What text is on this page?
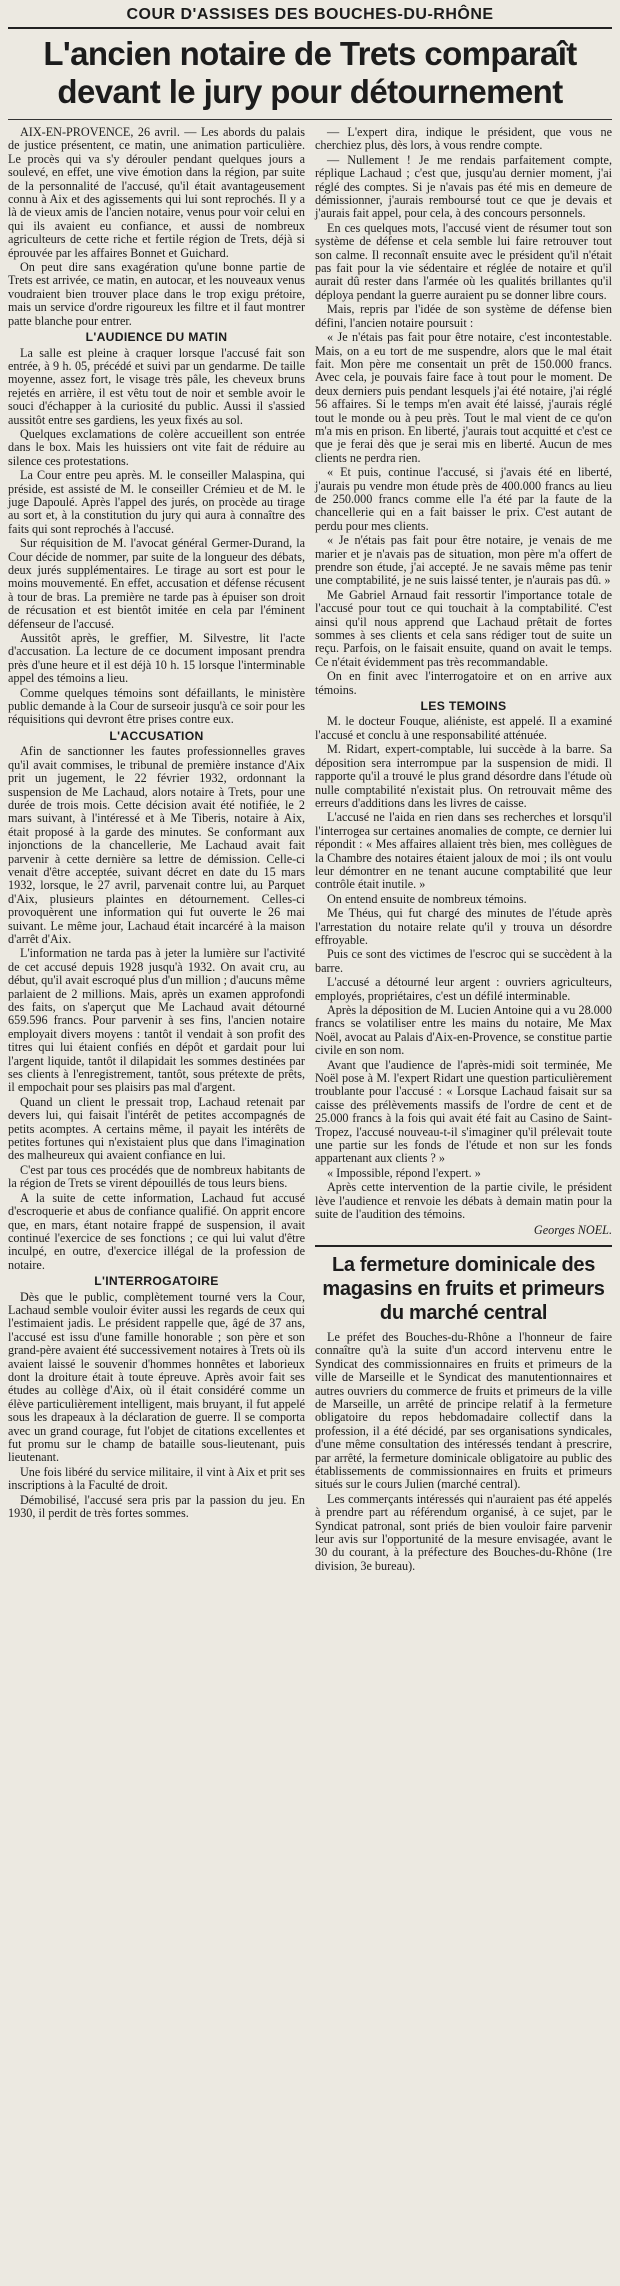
COUR D'ASSISES DES BOUCHES-DU-RHÔNE
L'ancien notaire de Trets comparaît devant le jury pour détournement

AIX-EN-PROVENCE, 26 avril. — Les abords du palais de justice présentent, ce matin, une animation particulière. Le procès qui va s'y dérouler pendant quelques jours a soulevé, en effet, une vive émotion dans la région, par suite de la personnalité de l'accusé, qu'il était avantageusement connu à Aix et des agissements qui lui sont reprochés. Il y a là de vieux amis de l'ancien notaire, venus pour voir celui en qui ils avaient eu confiance, et aussi de nombreux agriculteurs de cette riche et fertile région de Trets, déjà si éprouvée par les affaires Bonnet et Guichard.

On peut dire sans exagération qu'une bonne partie de Trets est arrivée, ce matin, en autocar, et les nouveaux venus voudraient bien trouver place dans le trop exigu prétoire, mais un service d'ordre rigoureux les filtre et il faut montrer patte blanche pour entrer.

L'AUDIENCE DU MATIN

La salle est pleine à craquer lorsque l'accusé fait son entrée, à 9 h. 05, précédé et suivi par un gendarme. De taille moyenne, assez fort, le visage très pâle, les cheveux bruns rejetés en arrière, il est vêtu tout de noir et semble avoir le souci d'échapper à la curiosité du public. Aussi il s'assied aussitôt entre ses gardiens, les yeux fixés au sol.

Quelques exclamations de colère accueillent son entrée dans le box. Mais les huissiers ont vite fait de réduire au silence ces protestations.

La Cour entre peu après. M. le conseiller Malaspina, qui préside, est assisté de M. le conseiller Crémieu et de M. le juge Dapoulé. Après l'appel des jurés, on procède au tirage au sort et, à la constitution du jury qui aura à connaître des faits qui sont reprochés à l'accusé.

Sur réquisition de M. l'avocat général Germer-Durand, la Cour décide de nommer, par suite de la longueur des débats, deux jurés supplémentaires. Le tirage au sort est pour le moins mouvementé. En effet, accusation et défense récusent à tour de bras. La première ne tarde pas à épuiser son droit de récusation et est bientôt imitée en cela par l'éminent défenseur de l'accusé.

Aussitôt après, le greffier, M. Silvestre, lit l'acte d'accusation. La lecture de ce document imposant prendra près d'une heure et il est déjà 10 h. 15 lorsque l'interminable appel des témoins a lieu.

Comme quelques témoins sont défaillants, le ministère public demande à la Cour de surseoir jusqu'à ce soir pour les réquisitions qui devront être prises contre eux.

L'ACCUSATION

Afin de sanctionner les fautes professionnelles graves qu'il avait commises, le tribunal de première instance d'Aix prit un jugement, le 22 février 1932, ordonnant la suspension de Me Lachaud, alors notaire à Trets, pour une durée de trois mois. Cette décision avait été notifiée, le 2 mars suivant, à l'intéressé et à Me Tiberis, notaire à Aix, était proposé à la garde des minutes. Se conformant aux injonctions de la chancellerie, Me Lachaud avait fait parvenir à cette dernière sa lettre de démission. Celle-ci venait d'être acceptée, suivant décret en date du 15 mars 1932, lorsque, le 27 avril, parvenait contre lui, au Parquet d'Aix, plusieurs plaintes en détournement. Celles-ci provoquèrent une information qui fut ouverte le 26 mai suivant. Le même jour, Lachaud était incarcéré à la maison d'arrêt d'Aix.

L'information ne tarda pas à jeter la lumière sur l'activité de cet accusé depuis 1928 jusqu'à 1932. On avait cru, au début, qu'il avait escroqué plus d'un million ; d'aucuns même parlaient de 2 millions. Mais, après un examen approfondi des faits, on s'aperçut que Me Lachaud avait détourné 659.596 francs. Pour parvenir à ses fins, l'ancien notaire employait divers moyens : tantôt il vendait à son profit des titres qui lui étaient confiés en dépôt et gardait pour lui l'argent liquide, tantôt il dilapidait les sommes destinées par ses clients à l'enregistrement, tantôt, sous prétexte de prêts, il empochait pour ses plaisirs pas mal d'argent.

Quand un client le pressait trop, Lachaud retenait par devers lui, qui faisait l'intérêt de petites accompagnés de petits acomptes. A certains même, il payait les intérêts de petites fortunes qui n'existaient plus que dans l'imagination des malheureux qui avaient confiance en lui.

C'est par tous ces procédés que de nombreux habitants de la région de Trets se virent dépouillés de tous leurs biens.

A la suite de cette information, Lachaud fut accusé d'escroquerie et abus de confiance qualifié. On apprit encore que, en mars, étant notaire frappé de suspension, il avait continué l'exercice de ses fonctions ; ce qui lui valut d'être inculpé, en outre, d'exercice illégal de la profession de notaire.

L'INTERROGATOIRE

Dès que le public, complètement tourné vers la Cour, Lachaud semble vouloir éviter aussi les regards de ceux qui l'estimaient jadis. Le président rappelle que, âgé de 37 ans, l'accusé est issu d'une famille honorable ; son père et son grand-père avaient été successivement notaires à Trets où ils avaient laissé le souvenir d'hommes honnêtes et laborieux dont la droiture était à toute épreuve. Après avoir fait ses études au collège d'Aix, où il était considéré comme un élève particulièrement intelligent, mais bruyant, il fut appelé sous les drapeaux à la déclaration de guerre. Il se comporta avec un grand courage, fut l'objet de citations excellentes et fut promu sur le champ de bataille sous-lieutenant, puis lieutenant.

Une fois libéré du service militaire, il vint à Aix et prit ses inscriptions à la Faculté de droit.

Démobilisé, l'accusé sera pris par la passion du jeu. En 1930, il perdit de très fortes sommes.

— L'expert dira, indique le président, que vous ne cherchiez plus, dès lors, à vous rendre compte.

— Nullement ! Je me rendais parfaitement compte, réplique Lachaud ; c'est que, jusqu'au dernier moment, j'ai réglé des comptes. Si je n'avais pas été mis en demeure de démissionner, j'aurais remboursé tout ce que je devais et j'aurais fait appel, pour cela, à des concours personnels.

En ces quelques mots, l'accusé vient de résumer tout son système de défense et cela semble lui faire retrouver tout son calme. Il reconnaît ensuite avec le président qu'il n'était pas fait pour la vie sédentaire et réglée de notaire et qu'il aurait dû rester dans l'armée où les qualités brillantes qu'il déploya pendant la guerre auraient pu se donner libre cours.

Mais, repris par l'idée de son système de défense bien défini, l'ancien notaire poursuit :

« Je n'étais pas fait pour être notaire, c'est incontestable. Mais, on a eu tort de me suspendre, alors que le mal était fait. Mon père me consentait un prêt de 150.000 francs. Avec cela, je pouvais faire face à tout pour le moment. De deux derniers puis pendant lesquels j'ai été notaire, j'ai réglé 56 affaires. Si le temps m'en avait été laissé, j'aurais réglé tout le monde ou à peu près. Tout le mal vient de ce qu'on m'a mis en prison. En liberté, j'aurais tout acquitté et c'est ce que je ferai dès que je serai mis en liberté. Aucun de mes clients ne perdra rien.

« Et puis, continue l'accusé, si j'avais été en liberté, j'aurais pu vendre mon étude près de 400.000 francs au lieu de 250.000 francs comme elle l'a été par la faute de la chancellerie qui en a fait baisser le prix. C'est autant de perdu pour mes clients.

« Je n'étais pas fait pour être notaire, je venais de me marier et je n'avais pas de situation, mon père m'a offert de prendre son étude, j'ai accepté. Je ne savais même pas tenir une comptabilité, je ne suis laissé tenter, je n'aurais pas dû. »

Me Gabriel Arnaud fait ressortir l'importance totale de l'accusé pour tout ce qui touchait à la comptabilité. C'est ainsi qu'il nous apprend que Lachaud prêtait de fortes sommes à ses clients et cela sans rédiger tout de suite un reçu. Parfois, on le faisait ensuite, quand on avait le temps. Ce n'était évidemment pas très recommandable.

On en finit avec l'interrogatoire et on en arrive aux témoins.

LES TEMOINS

M. le docteur Fouque, aliéniste, est appelé. Il a examiné l'accusé et conclu à une responsabilité atténuée.

M. Ridart, expert-comptable, lui succède à la barre. Sa déposition sera interrompue par la suspension de midi. Il rapporte qu'il a trouvé le plus grand désordre dans l'étude où nulle comptabilité n'existait plus. On retrouvait même des erreurs d'additions dans les livres de caisse.

L'accusé ne l'aida en rien dans ses recherches et lorsqu'il l'interrogea sur certaines anomalies de compte, ce dernier lui répondit : « Mes affaires allaient très bien, mes collègues de la Chambre des notaires étaient jaloux de moi ; ils ont voulu leur démontrer en ne tenant aucune comptabilité que leur contrôle était inutile. »

On entend ensuite de nombreux témoins.

Me Théus, qui fut chargé des minutes de l'étude après l'arrestation du notaire relate qu'il y trouva un désordre effroyable.

Puis ce sont des victimes de l'escroc qui se succèdent à la barre.

L'accusé a détourné leur argent : ouvriers agriculteurs, employés, propriétaires, c'est un défilé interminable.

Après la déposition de M. Lucien Antoine qui a vu 28.000 francs se volatiliser entre les mains du notaire, Me Max Noël, avocat au Palais d'Aix-en-Provence, se constitue partie civile en son nom.

Avant que l'audience de l'après-midi soit terminée, Me Noël pose à M. l'expert Ridart une question particulièrement troublante pour l'accusé : « Lorsque Lachaud faisait sur sa caisse des prélèvements massifs de l'ordre de cent et de 25.000 francs à la fois qui avait été fait au Casino de Saint-Tropez, l'accusé nouveau-t-il s'imaginer qu'il prélevait toute une partie sur les fonds de l'étude et non sur les fonds appartenant aux clients ? »

« Impossible, répond l'expert. »

Après cette intervention de la partie civile, le président lève l'audience et renvoie les débats à demain matin pour la suite de l'audition des témoins.

Georges NOEL.
La fermeture dominicale des magasins en fruits et primeurs du marché central

Le préfet des Bouches-du-Rhône a l'honneur de faire connaître qu'à la suite d'un accord intervenu entre le Syndicat des commissionnaires en fruits et primeurs de la ville de Marseille et le Syndicat des manutentionnaires et autres ouvriers du commerce de fruits et primeurs de la ville de Marseille, un arrêté de principe relatif à la fermeture obligatoire du repos hebdomadaire collectif dans la profession, il a été décidé, par ses organisations syndicales, d'une même consultation des intéressés tendant à prescrire, par arrêté, la fermeture dominicale obligatoire au public des établissements de commissionnaires en fruits et primeurs situés sur le cours Julien (marché central).

Les commerçants intéressés qui n'auraient pas été appelés à prendre part au référendum organisé, à ce sujet, par le Syndicat patronal, sont priés de bien vouloir faire parvenir leur avis sur l'opportunité de la mesure envisagée, avant le 30 du courant, à la préfecture des Bouches-du-Rhône (1re division, 3e bureau).
